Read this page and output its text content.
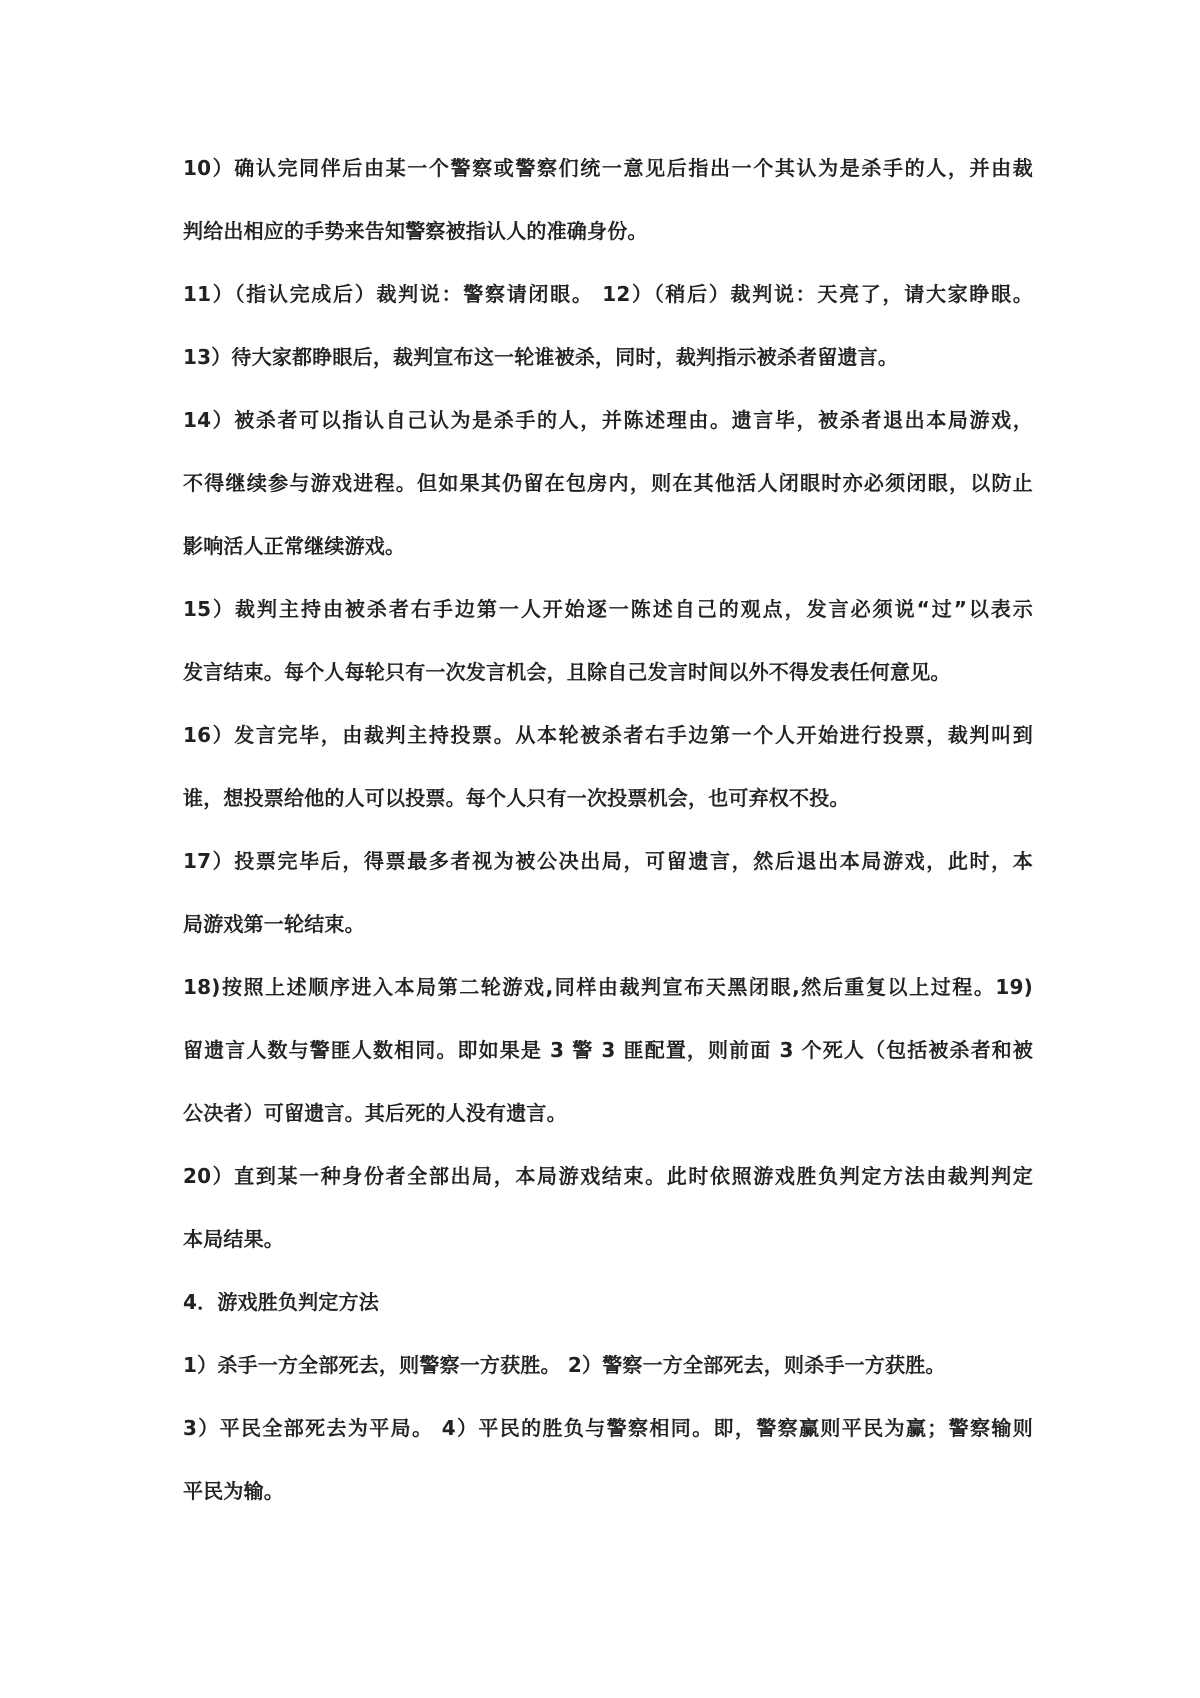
10）确认完同伴后由某一个警察或警察们统一意见后指出一个其认为是杀手的人，并由裁
判给出相应的手势来告知警察被指认人的准确身份。
11）（指认完成后）裁判说：警察请闭眼。 12）（稍后）裁判说：天亮了，请大家睁眼。
13）待大家都睁眼后，裁判宣布这一轮谁被杀，同时，裁判指示被杀者留遗言。
14）被杀者可以指认自己认为是杀手的人，并陈述理由。遗言毕，被杀者退出本局游戏，
不得继续参与游戏进程。但如果其仍留在包房内，则在其他活人闭眼时亦必须闭眼，以防止
影响活人正常继续游戏。
15）裁判主持由被杀者右手边第一人开始逐一陈述自己的观点，发言必须说“过”以表示
发言结束。每个人每轮只有一次发言机会，且除自己发言时间以外不得发表任何意见。
16）发言完毕，由裁判主持投票。从本轮被杀者右手边第一个人开始进行投票，裁判叫到
谁，想投票给他的人可以投票。每个人只有一次投票机会，也可弃权不投。
17）投票完毕后，得票最多者视为被公决出局，可留遗言，然后退出本局游戏，此时，本
局游戏第一轮结束。
18)按照上述顺序进入本局第二轮游戏,同样由裁判宣布天黑闭眼,然后重复以上过程。19)
留遗言人数与警匪人数相同。即如果是 3 警 3 匪配置，则前面 3 个死人（包括被杀者和被
公决者）可留遗言。其后死的人没有遗言。
20）直到某一种身份者全部出局，本局游戏结束。此时依照游戏胜负判定方法由裁判判定
本局结果。
4．游戏胜负判定方法
1）杀手一方全部死去，则警察一方获胜。 2）警察一方全部死去，则杀手一方获胜。
3）平民全部死去为平局。 4）平民的胜负与警察相同。即，警察赢则平民为赢；警察输则
平民为输。
